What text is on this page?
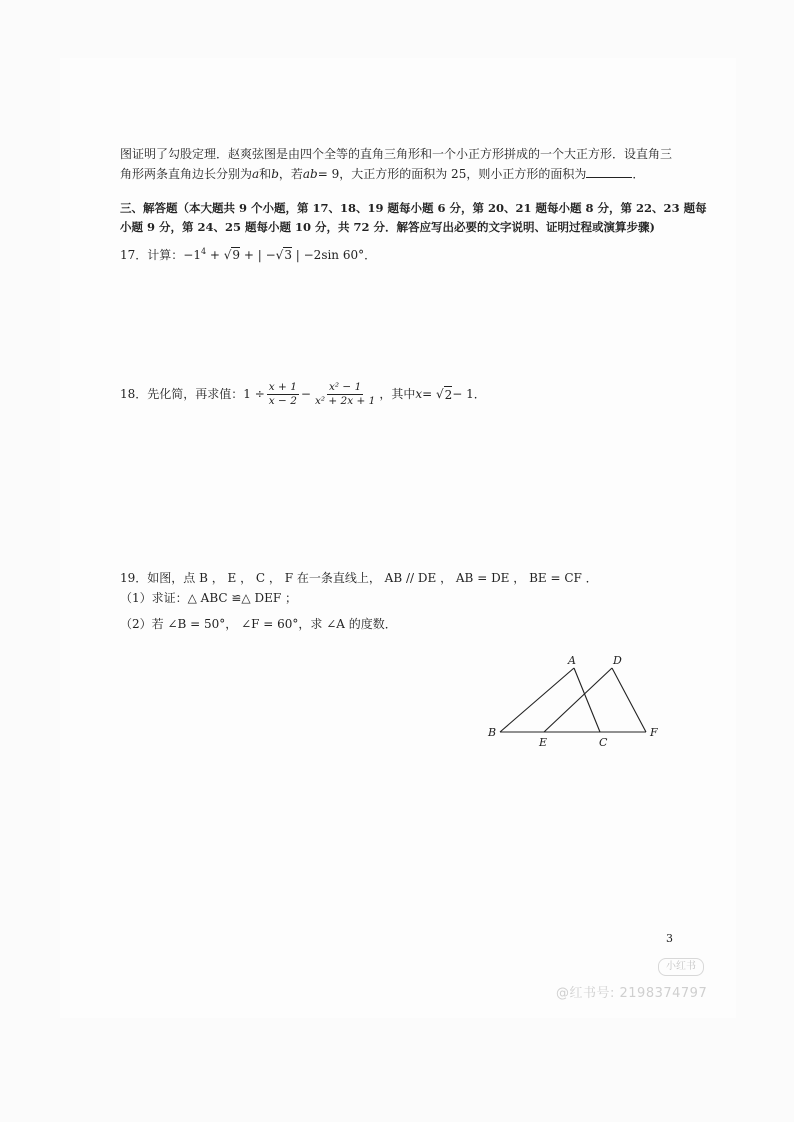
图证明了勾股定理．赵爽弦图是由四个全等的直角三角形和一个小正方形拼成的一个大正方形．设直角三
角形两条直角边长分别为a和b，若ab= 9，大正方形的面积为 25，则小正方形的面积为	．
三、解答题（本大题共 9 个小题，第 17、18、19 题每小题 6 分，第 20、21 题每小题 8 分，第 22、23 题每
小题 9 分，第 24、25 题每小题 10 分，共 72 分．解答应写出必要的文字说明、证明过程或演算步骤)
17．计算：$-1^4 + √9$ + | −√3 | −2sin 60°．
18．先化简，再求值： $1 \div \frac{x + 1}{x - 2} - \frac{\text{x² − 1}}{\text{x² + 2x + 1}}$ ，其中 x = √ 2 − 1 ．
19．如图，点 B ， E ， C ， F 在一条直线上， AB // DE ， AB = DE ， BE = CF ．
（1）求证：△ ABC ≌△ DEF ；
（2）若 ∠B = 50°， ∠F = 60°，求 ∠A 的度数．
A	D
B
E	C
F
3
小红书
@红书号: 2198374797
